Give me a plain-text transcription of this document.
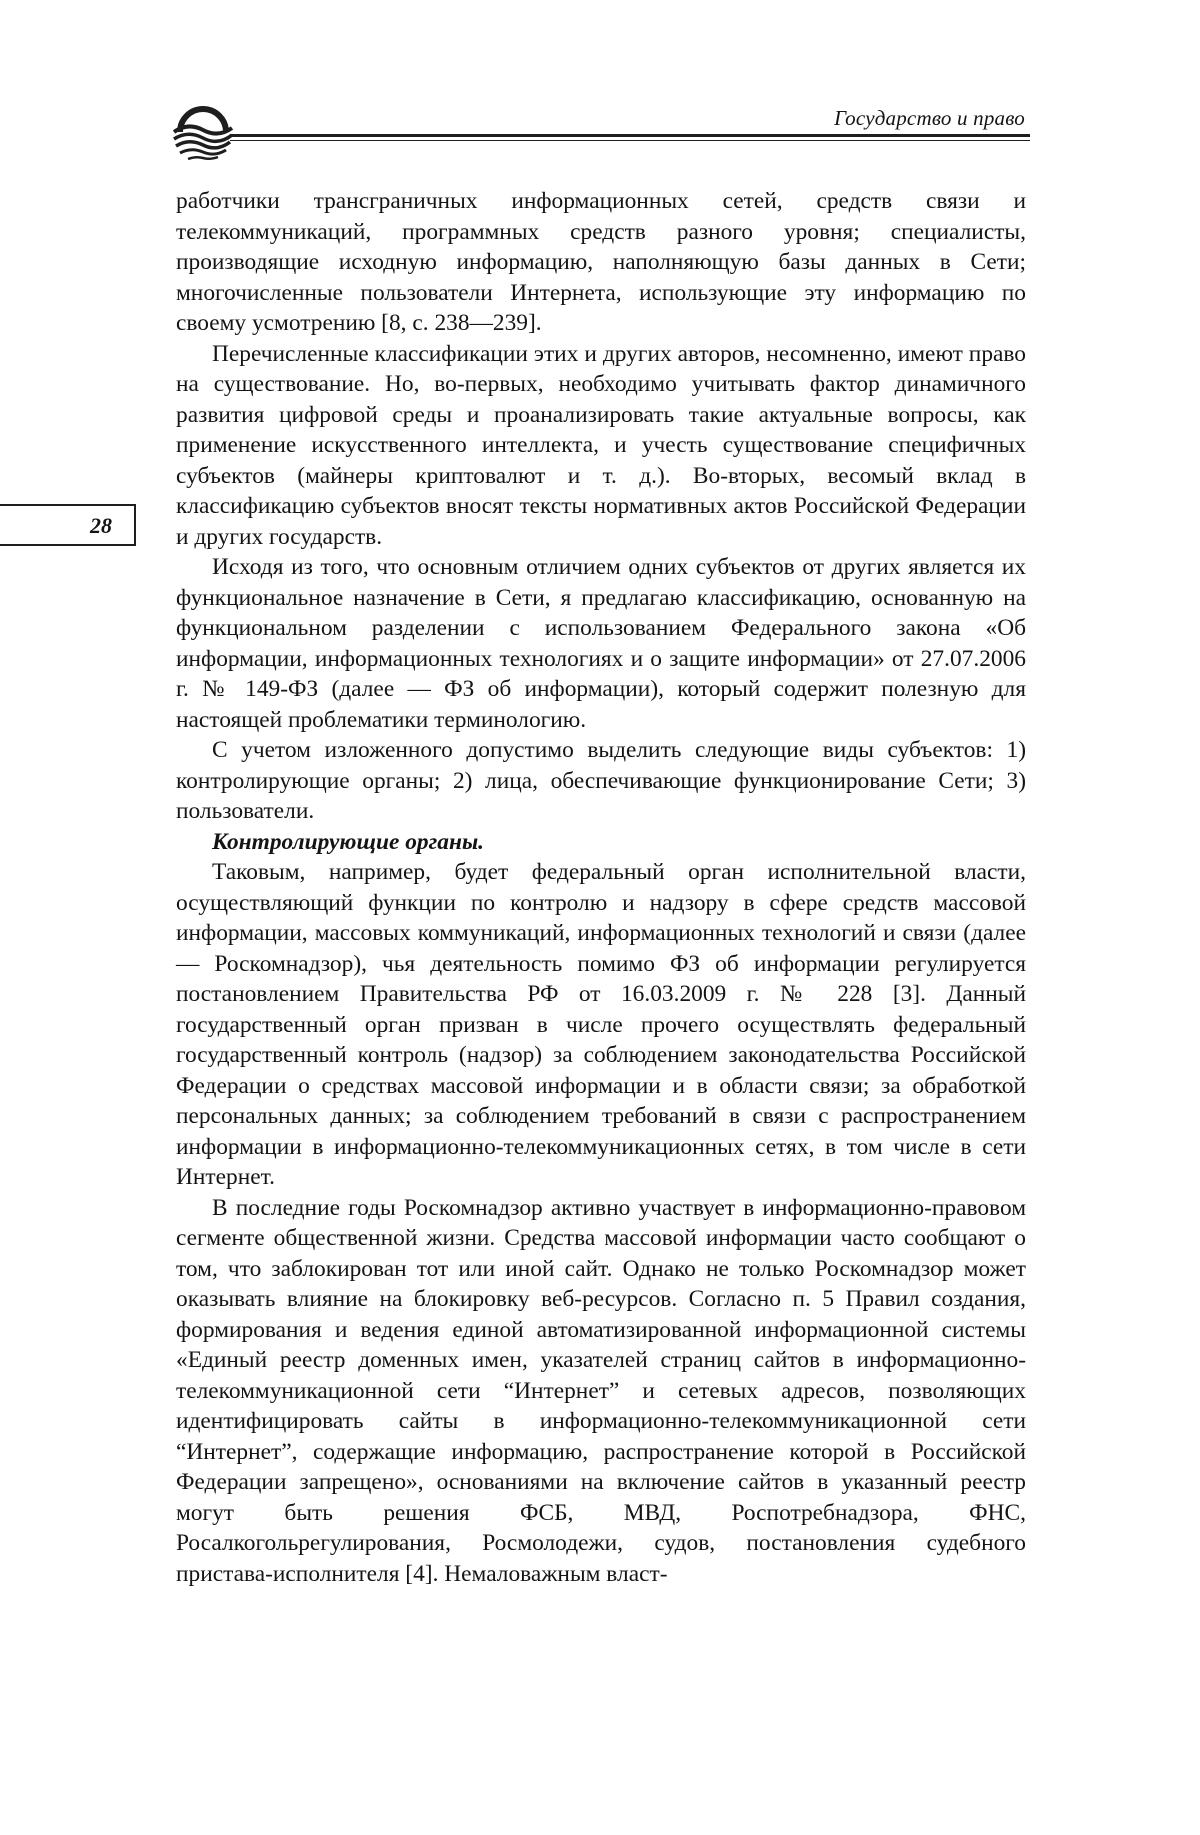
Государство и право
28

работчики трансграничных информационных сетей, средств связи и телекоммуникаций, программных средств разного уровня; специалисты, производящие исходную информацию, наполняющую базы данных в Сети; многочисленные пользователи Интернета, использующие эту информацию по своему усмотрению [8, с. 238—239].

Перечисленные классификации этих и других авторов, несомненно, имеют право на существование. Но, во-первых, необходимо учитывать фактор динамичного развития цифровой среды и проанализировать такие актуальные вопросы, как применение искусственного интеллекта, и учесть существование специфичных субъектов (майнеры криптовалют и т. д.). Во-вторых, весомый вклад в классификацию субъектов вносят тексты нормативных актов Российской Федерации и других государств.

Исходя из того, что основным отличием одних субъектов от других является их функциональное назначение в Сети, я предлагаю классификацию, основанную на функциональном разделении с использованием Федерального закона «Об информации, информационных технологиях и о защите информации» от 27.07.2006 г. № 149-ФЗ (далее — ФЗ об информации), который содержит полезную для настоящей проблематики терминологию.

С учетом изложенного допустимо выделить следующие виды субъектов: 1) контролирующие органы; 2) лица, обеспечивающие функционирование Сети; 3) пользователи.

Контролирующие органы.

Таковым, например, будет федеральный орган исполнительной власти, осуществляющий функции по контролю и надзору в сфере средств массовой информации, массовых коммуникаций, информационных технологий и связи (далее — Роскомнадзор), чья деятельность помимо ФЗ об информации регулируется постановлением Правительства РФ от 16.03.2009 г. № 228 [3]. Данный государственный орган призван в числе прочего осуществлять федеральный государственный контроль (надзор) за соблюдением законодательства Российской Федерации о средствах массовой информации и в области связи; за обработкой персональных данных; за соблюдением требований в связи с распространением информации в информационно-телекоммуникационных сетях, в том числе в сети Интернет.

В последние годы Роскомнадзор активно участвует в информационно-правовом сегменте общественной жизни. Средства массовой информации часто сообщают о том, что заблокирован тот или иной сайт. Однако не только Роскомнадзор может оказывать влияние на блокировку веб-ресурсов. Согласно п. 5 Правил создания, формирования и ведения единой автоматизированной информационной системы «Единый реестр доменных имен, указателей страниц сайтов в информационно-телекоммуникационной сети “Интернет” и сетевых адресов, позволяющих идентифицировать сайты в информационно-телекоммуникационной сети “Интернет”, содержащие информацию, распространение которой в Российской Федерации запрещено», основаниями на включение сайтов в указанный реестр могут быть решения ФСБ, МВД, Роспотребнадзора, ФНС, Росалкогольрегулирования, Росмолодежи, судов, постановления судебного пристава-исполнителя [4]. Немаловажным власт-
